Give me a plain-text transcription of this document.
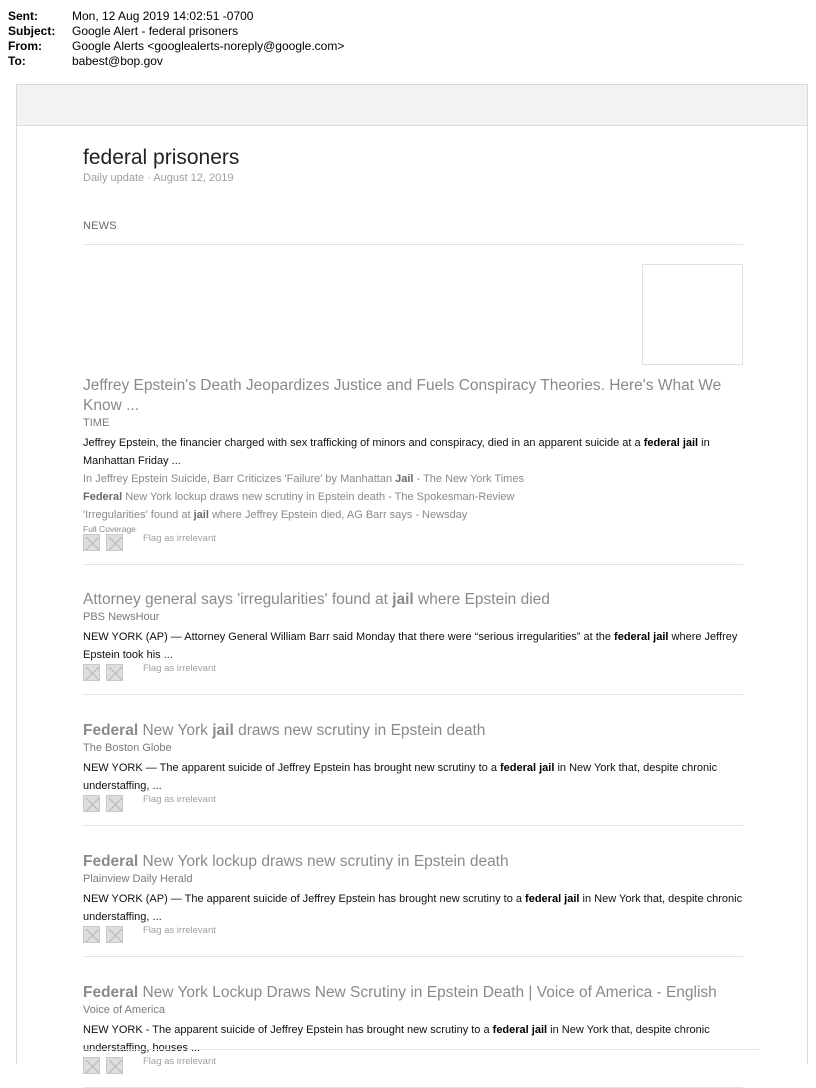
Sent:	Mon, 12 Aug 2019 14:02:51 -0700
Subject:	Google Alert - federal prisoners
From:	Google Alerts <googlealerts-noreply@google.com>
To:	babest@bop.gov
federal prisoners
Daily update · August 12, 2019
NEWS
Jeffrey Epstein's Death Jeopardizes Justice and Fuels Conspiracy Theories. Here's What We Know ...
TIME
Jeffrey Epstein, the financier charged with sex trafficking of minors and conspiracy, died in an apparent suicide at a federal jail in Manhattan Friday ...
In Jeffrey Epstein Suicide, Barr Criticizes 'Failure' by Manhattan Jail - The New York Times
Federal New York lockup draws new scrutiny in Epstein death - The Spokesman-Review
'Irregularities' found at jail where Jeffrey Epstein died, AG Barr says - Newsday
Full Coverage
Flag as irrelevant
Attorney general says 'irregularities' found at jail where Epstein died
PBS NewsHour
NEW YORK (AP) — Attorney General William Barr said Monday that there were “serious irregularities” at the federal jail where Jeffrey Epstein took his ...
Flag as irrelevant
Federal New York jail draws new scrutiny in Epstein death
The Boston Globe
NEW YORK — The apparent suicide of Jeffrey Epstein has brought new scrutiny to a federal jail in New York that, despite chronic understaffing, ...
Flag as irrelevant
Federal New York lockup draws new scrutiny in Epstein death
Plainview Daily Herald
NEW YORK (AP) — The apparent suicide of Jeffrey Epstein has brought new scrutiny to a federal jail in New York that, despite chronic understaffing, ...
Flag as irrelevant
Federal New York Lockup Draws New Scrutiny in Epstein Death | Voice of America - English
Voice of America
NEW YORK - The apparent suicide of Jeffrey Epstein has brought new scrutiny to a federal jail in New York that, despite chronic understaffing, houses ...
Flag as irrelevant
